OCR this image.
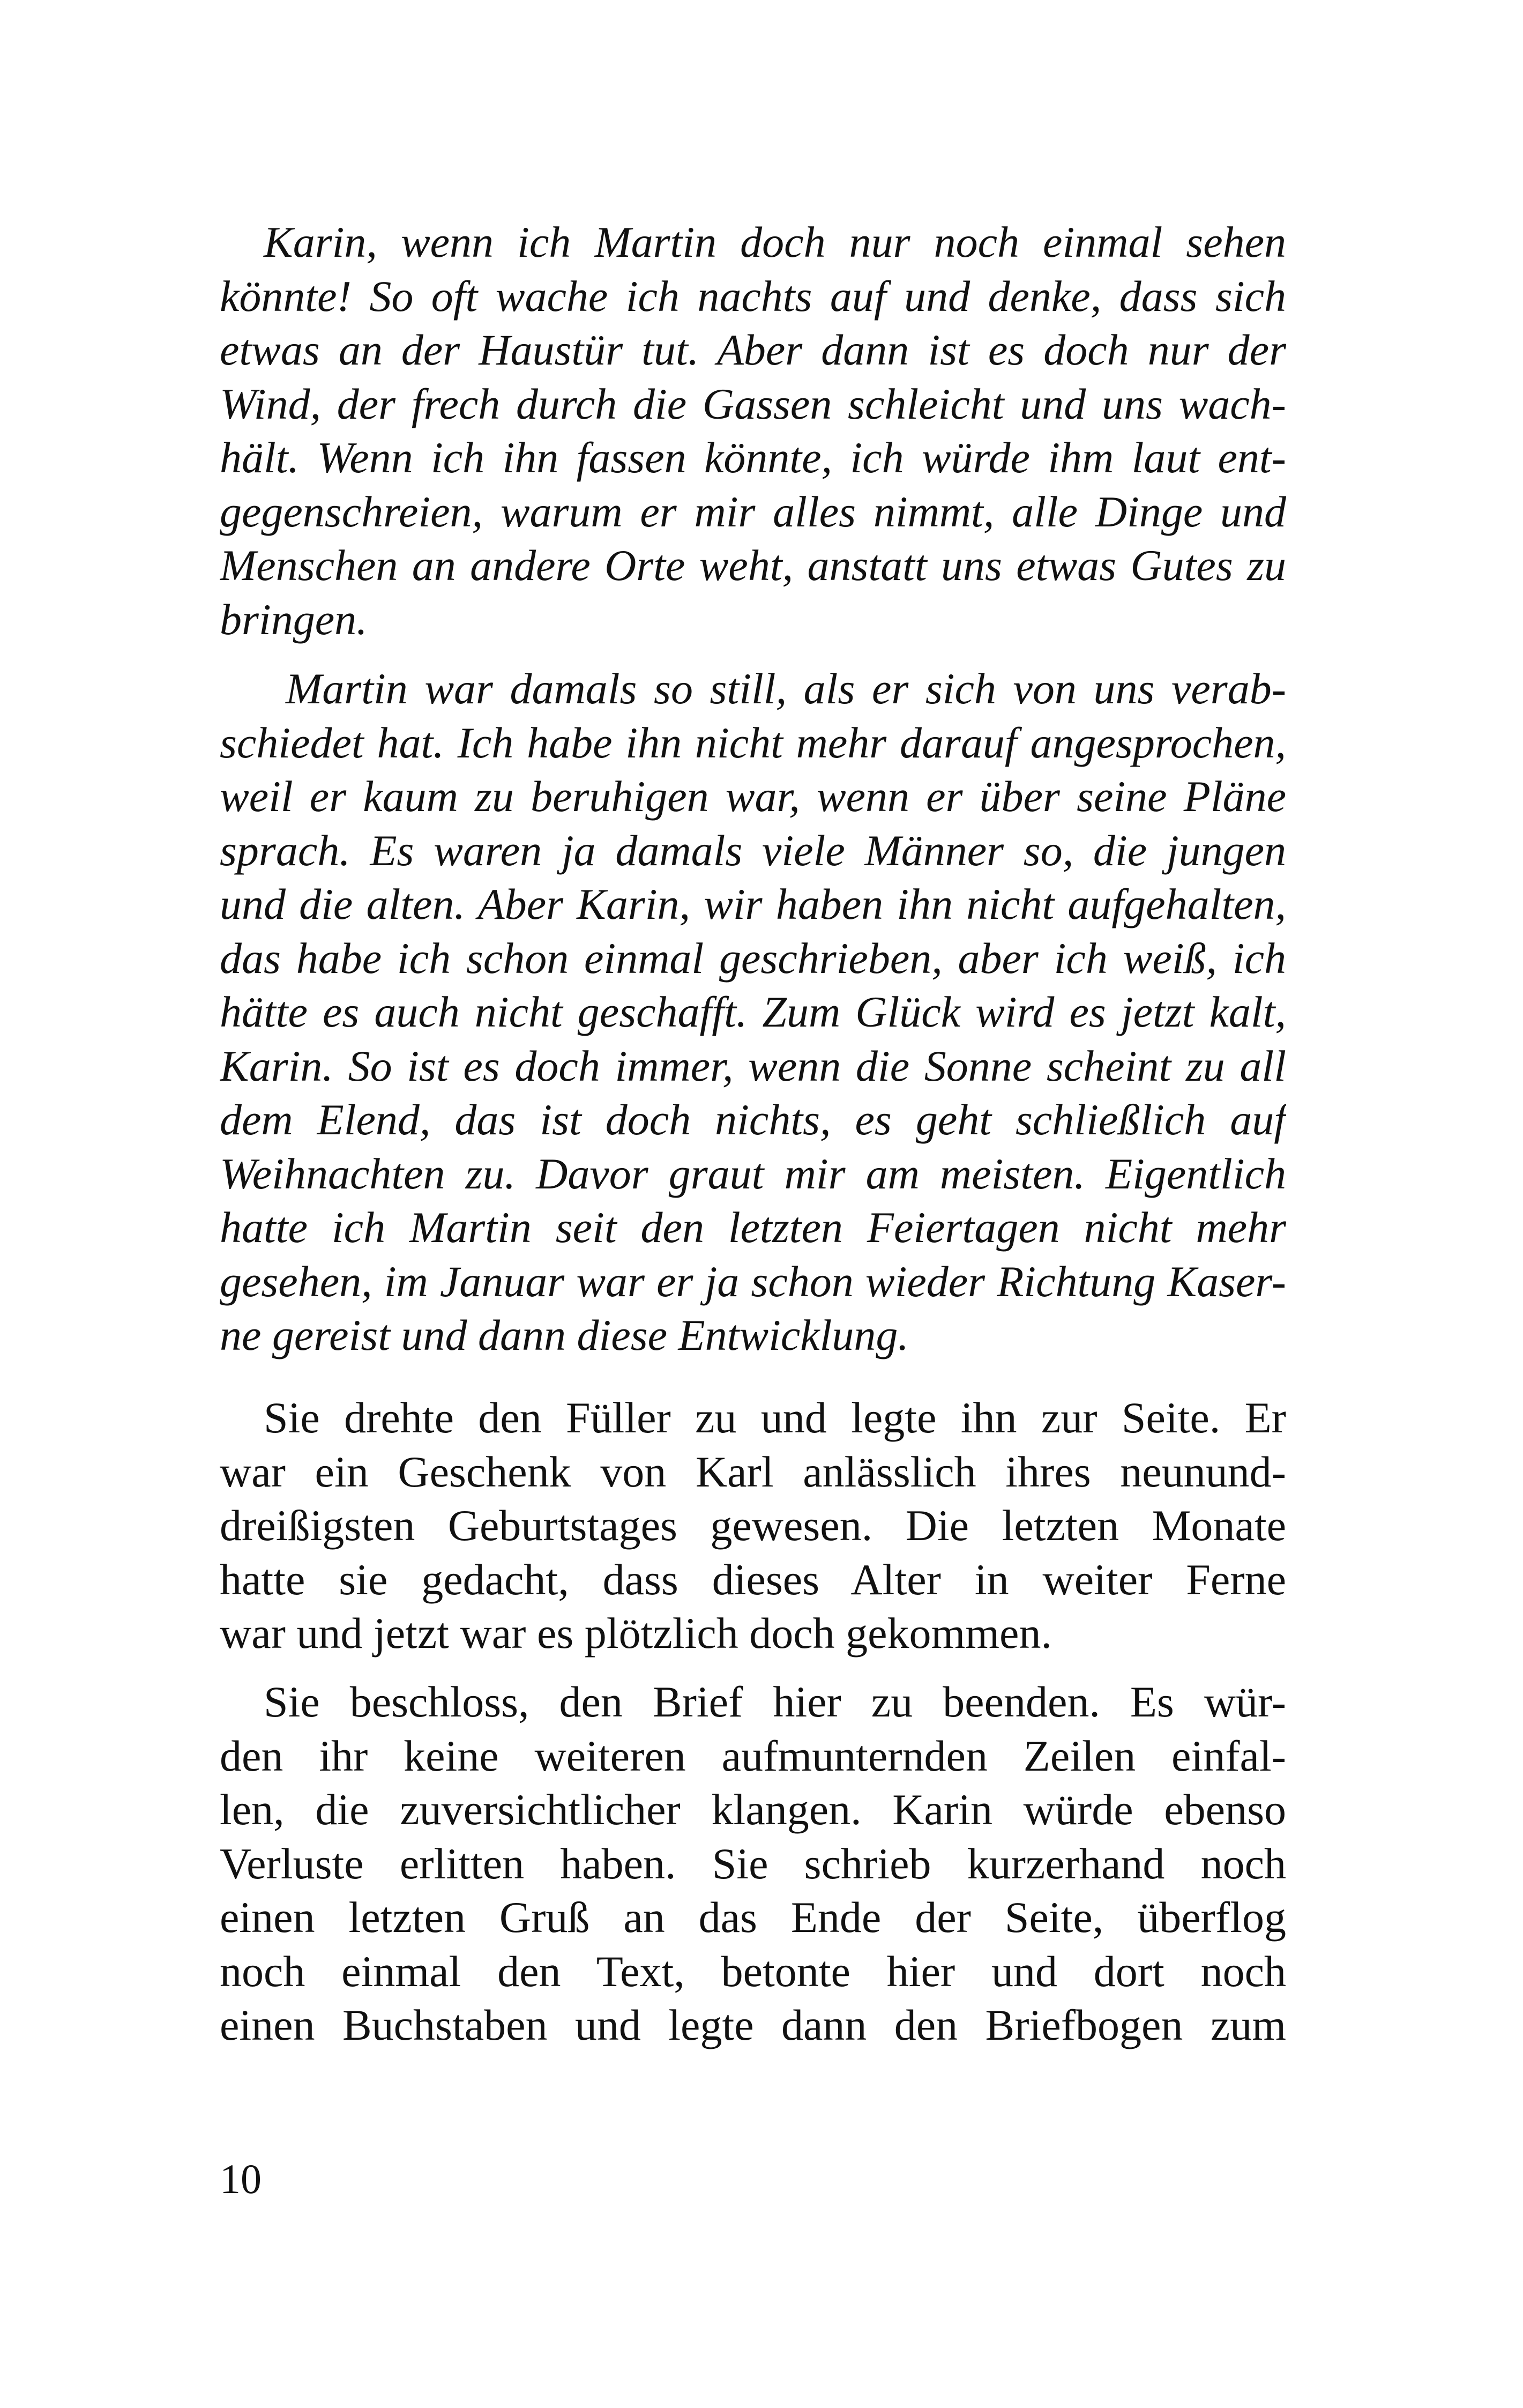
 Karin, wenn ich Martin doch nur noch einmal sehen
könnte! So oft wache ich nachts auf und denke, dass sich
etwas an der Haustür tut. Aber dann ist es doch nur der
Wind, der frech durch die Gassen schleicht und uns wach-
hält. Wenn ich ihn fassen könnte, ich würde ihm laut ent-
gegenschreien, warum er mir alles nimmt, alle Dinge und
Menschen an andere Orte weht, anstatt uns etwas Gutes zu
bringen.
  Martin war damals so still, als er sich von uns verab-
schiedet hat. Ich habe ihn nicht mehr darauf angesprochen,
weil er kaum zu beruhigen war, wenn er über seine Pläne
sprach. Es waren ja damals viele Männer so, die jungen
und die alten. Aber Karin, wir haben ihn nicht aufgehalten,
das habe ich schon einmal geschrieben, aber ich weiß, ich
hätte es auch nicht geschafft. Zum Glück wird es jetzt kalt,
Karin. So ist es doch immer, wenn die Sonne scheint zu all
dem Elend, das ist doch nichts, es geht schließlich auf
Weihnachten zu. Davor graut mir am meisten. Eigentlich
hatte ich Martin seit den letzten Feiertagen nicht mehr
gesehen, im Januar war er ja schon wieder Richtung Kaser-
ne gereist und dann diese Entwicklung.
 Sie drehte den Füller zu und legte ihn zur Seite. Er
war ein Geschenk von Karl anlässlich ihres neunund-
dreißigsten Geburtstages gewesen. Die letzten Monate
hatte sie gedacht, dass dieses Alter in weiter Ferne
war und jetzt war es plötzlich doch gekommen.
 Sie beschloss, den Brief hier zu beenden. Es wür-
den ihr keine weiteren aufmunternden Zeilen einfal-
len, die zuversichtlicher klangen. Karin würde ebenso
Verluste erlitten haben. Sie schrieb kurzerhand noch
einen letzten Gruß an das Ende der Seite, überflog
noch einmal den Text, betonte hier und dort noch
einen Buchstaben und legte dann den Briefbogen zum

10
